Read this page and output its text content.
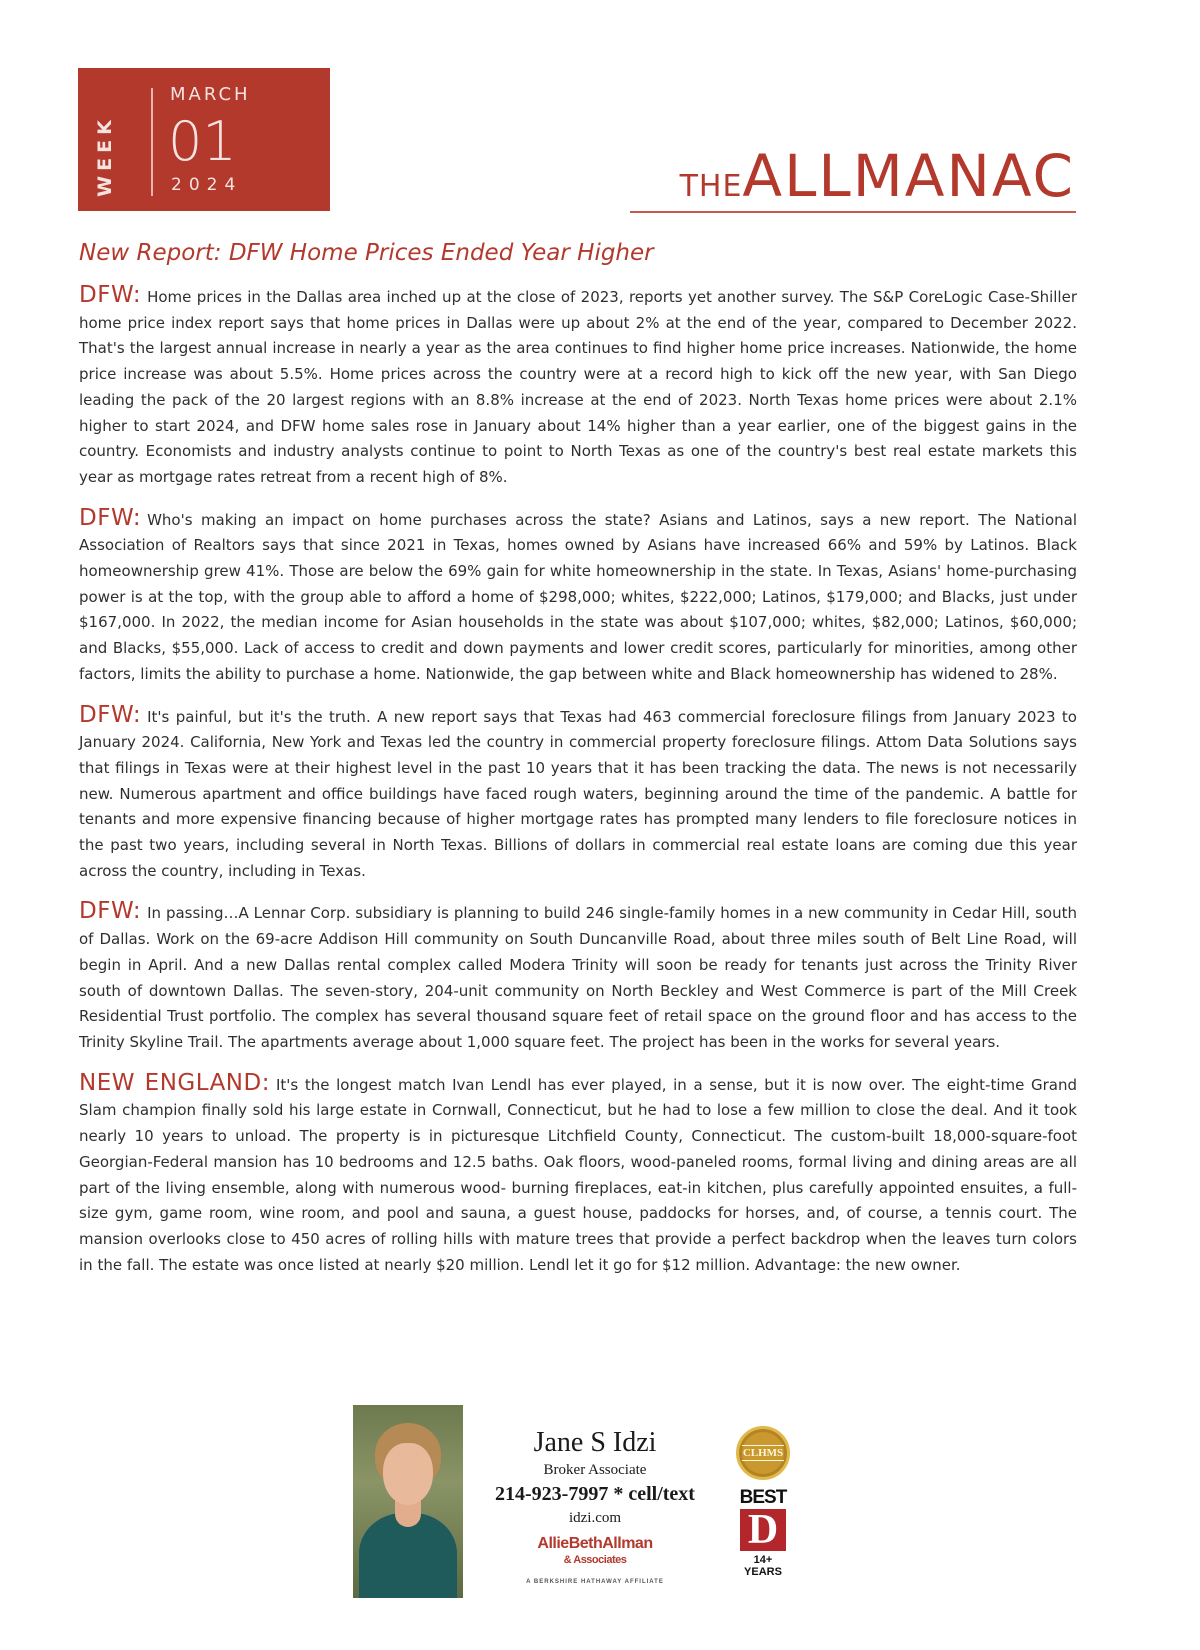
WEEK
MARCH
01
2024	THEALLMANAC
New Report: DFW Home Prices Ended Year Higher

DFW: Home prices in the Dallas area inched up at the close of 2023, reports yet another survey. The S&P CoreLogic Case-Shiller home price index report says that home prices in Dallas were up about 2% at the end of the year, compared to December 2022. That's the largest annual increase in nearly a year as the area continues to find higher home price increases. Nationwide, the home price increase was about 5.5%. Home prices across the country were at a record high to kick off the new year, with San Diego leading the pack of the 20 largest regions with an 8.8% increase at the end of 2023. North Texas home prices were about 2.1% higher to start 2024, and DFW home sales rose in January about 14% higher than a year earlier, one of the biggest gains in the country. Economists and industry analysts continue to point to North Texas as one of the country's best real estate markets this year as mortgage rates retreat from a recent high of 8%.

DFW: Who's making an impact on home purchases across the state? Asians and Latinos, says a new report. The National Association of Realtors says that since 2021 in Texas, homes owned by Asians have increased 66% and 59% by Latinos. Black homeownership grew 41%. Those are below the 69% gain for white homeownership in the state. In Texas, Asians' home-purchasing power is at the top, with the group able to afford a home of $298,000; whites, $222,000; Latinos, $179,000; and Blacks, just under $167,000. In 2022, the median income for Asian households in the state was about $107,000; whites, $82,000; Latinos, $60,000; and Blacks, $55,000. Lack of access to credit and down payments and lower credit scores, particularly for minorities, among other factors, limits the ability to purchase a home. Nationwide, the gap between white and Black homeownership has widened to 28%.

DFW: It's painful, but it's the truth. A new report says that Texas had 463 commercial foreclosure filings from January 2023 to January 2024. California, New York and Texas led the country in commercial property foreclosure filings. Attom Data Solutions says that filings in Texas were at their highest level in the past 10 years that it has been tracking the data. The news is not necessarily new. Numerous apartment and office buildings have faced rough waters, beginning around the time of the pandemic. A battle for tenants and more expensive financing because of higher mortgage rates has prompted many lenders to file foreclosure notices in the past two years, including several in North Texas. Billions of dollars in commercial real estate loans are coming due this year across the country, including in Texas.

DFW: In passing…A Lennar Corp. subsidiary is planning to build 246 single-family homes in a new community in Cedar Hill, south of Dallas. Work on the 69-acre Addison Hill community on South Duncanville Road, about three miles south of Belt Line Road, will begin in April. And a new Dallas rental complex called Modera Trinity will soon be ready for tenants just across the Trinity River south of downtown Dallas. The seven-story, 204-unit community on North Beckley and West Commerce is part of the Mill Creek Residential Trust portfolio. The complex has several thousand square feet of retail space on the ground floor and has access to the Trinity Skyline Trail. The apartments average about 1,000 square feet. The project has been in the works for several years.

NEW ENGLAND: It's the longest match Ivan Lendl has ever played, in a sense, but it is now over. The eight-time Grand Slam champion finally sold his large estate in Cornwall, Connecticut, but he had to lose a few million to close the deal. And it took nearly 10 years to unload. The property is in picturesque Litchfield County, Connecticut. The custom-built 18,000-square-foot Georgian-Federal mansion has 10 bedrooms and 12.5 baths. Oak floors, wood-paneled rooms, formal living and dining areas are all part of the living ensemble, along with numerous wood- burning fireplaces, eat-in kitchen, plus carefully appointed ensuites, a full-size gym, game room, wine room, and pool and sauna, a guest house, paddocks for horses, and, of course, a tennis court. The mansion overlooks close to 450 acres of rolling hills with mature trees that provide a perfect backdrop when the leaves turn colors in the fall. The estate was once listed at nearly $20 million. Lendl let it go for $12 million. Advantage: the new owner.

Jane S Idzi
Broker Associate
214-923-7997 * cell/text
idzi.com
AllieBethAllman
& Associates
A BERKSHIRE HATHAWAY AFFILIATE
CLHMS
BEST
D
14+ YEARS
